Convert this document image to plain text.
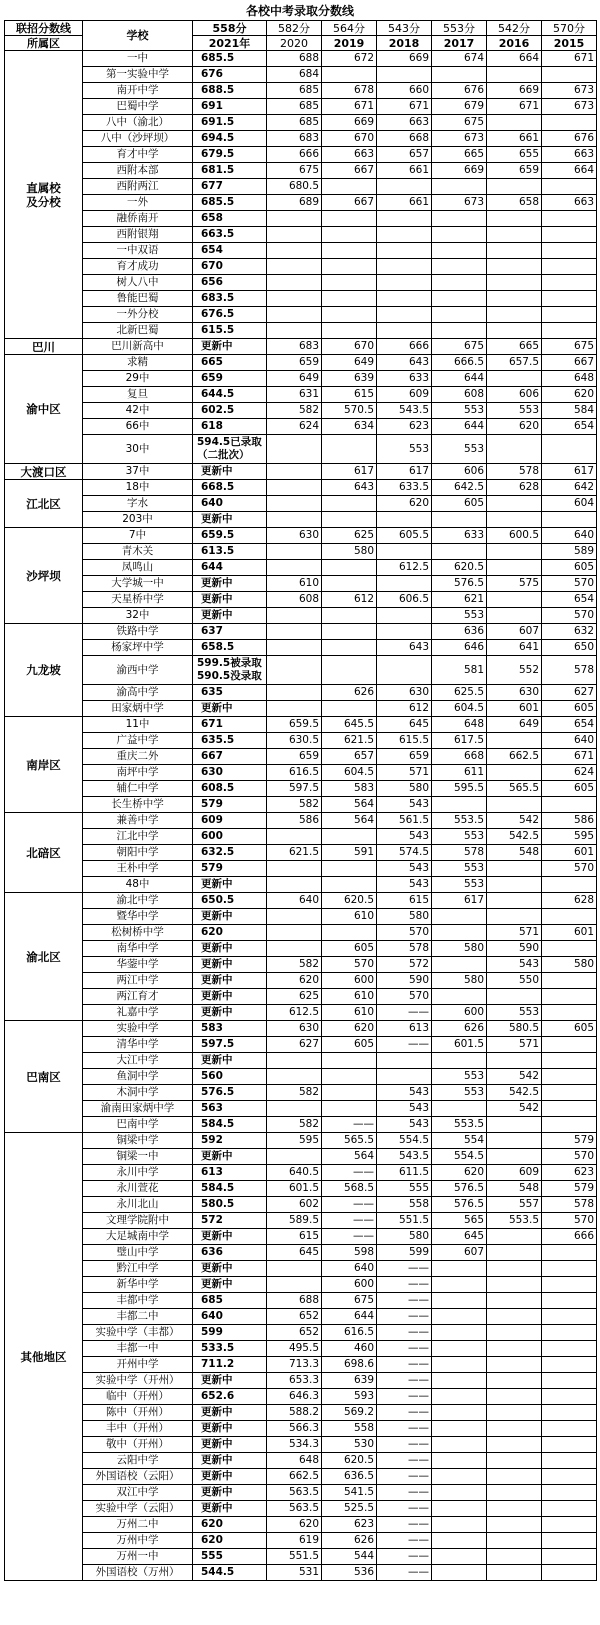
各校中考录取分数线
联招分数线	学校	558分	582分	564分	543分	553分	542分	570分
所属区		2021年	2020	2019	2018	2017	2016	2015
直属校
及分校	一中	685.5	688	672	669	674	664	671
	第一实验中学	676	684					
	南开中学	688.5	685	678	660	676	669	673
	巴蜀中学	691	685	671	671	679	671	673
	八中（渝北）	691.5	685	669	663	675		
	八中（沙坪坝）	694.5	683	670	668	673	661	676
	育才中学	679.5	666	663	657	665	655	663
	西附本部	681.5	675	667	661	669	659	664
	西附两江	677	680.5					
	一外	685.5	689	667	661	673	658	663
	融侨南开	658						
	西附银翔	663.5						
	一中双语	654						
	育才成功	670						
	树人八中	656						
	鲁能巴蜀	683.5						
	一外分校	676.5						
	北新巴蜀	615.5						
巴川	巴川新高中	更新中	683	670	666	675	665	675
渝中区	求精	665	659	649	643	666.5	657.5	667
	29中	659	649	639	633	644		648
	复旦	644.5	631	615	609	608	606	620
	42中	602.5	582	570.5	543.5	553	553	584
	66中	618	624	634	623	644	620	654
	30中	594.5已录取（二批次）			553	553		
大渡口区	37中	更新中		617	617	606	578	617
江北区	18中	668.5		643	633.5	642.5	628	642
	字水	640			620	605		604
	203中	更新中						
沙坪坝	7中	659.5	630	625	605.5	633	600.5	640
	青木关	613.5		580				589
	凤鸣山	644			612.5	620.5		605
	大学城一中	更新中	610			576.5	575	570
	天星桥中学	更新中	608	612	606.5	621		654
	32中	更新中				553		570
九龙坡	铁路中学	637				636	607	632
	杨家坪中学	658.5			643	646	641	650
	渝西中学	599.5被录取 590.5没录取				581	552	578
	渝高中学	635		626	630	625.5	630	627
	田家炳中学	更新中			612	604.5	601	605
南岸区	11中	671	659.5	645.5	645	648	649	654
	广益中学	635.5	630.5	621.5	615.5	617.5		640
	重庆二外	667	659	657	659	668	662.5	671
	南坪中学	630	616.5	604.5	571	611		624
	辅仁中学	608.5	597.5	583	580	595.5	565.5	605
	长生桥中学	579	582	564	543			
北碚区	兼善中学	609	586	564	561.5	553.5	542	586
	江北中学	600			543	553	542.5	595
	朝阳中学	632.5	621.5	591	574.5	578	548	601
	王朴中学	579			543	553		570
	48中	更新中			543	553		
渝北区	渝北中学	650.5	640	620.5	615	617		628
	暨华中学	更新中		610	580			
	松树桥中学	620			570		571	601
	南华中学	更新中		605	578	580	590	
	华蓥中学	更新中	582	570	572		543	580
	两江中学	更新中	620	600	590	580	550	
	两江育才	更新中	625	610	570			
	礼嘉中学	更新中	612.5	610	——	600	553	
巴南区	实验中学	583	630	620	613	626	580.5	605
	清华中学	597.5	627	605	——	601.5	571	
	大江中学	更新中						
	鱼洞中学	560				553	542	
	木洞中学	576.5	582		543	553	542.5	
	渝南田家炳中学	563			543		542	
	巴南中学	584.5	582	——	543	553.5		
其他地区	铜梁中学	592	595	565.5	554.5	554		579
	铜梁一中	更新中		564	543.5	554.5		570
	永川中学	613	640.5	——	611.5	620	609	623
	永川萱花	584.5	601.5	568.5	555	576.5	548	579
	永川北山	580.5	602	——	558	576.5	557	578
	文理学院附中	572	589.5	——	551.5	565	553.5	570
	大足城南中学	更新中	615	——	580	645		666
	璧山中学	636	645	598	599	607		
	黔江中学	更新中		640	——			
	新华中学	更新中		600	——			
	丰都中学	685	688	675	——			
	丰都二中	640	652	644	——			
	实验中学（丰都）	599	652	616.5	——			
	丰都一中	533.5	495.5	460	——			
	开州中学	711.2	713.3	698.6	——			
	实验中学（开州）	更新中	653.3	639	——			
	临中（开州）	652.6	646.3	593	——			
	陈中（开州）	更新中	588.2	569.2	——			
	丰中（开州）	更新中	566.3	558	——			
	敬中（开州）	更新中	534.3	530	——			
	云阳中学	更新中	648	620.5	——			
	外国语校（云阳）	更新中	662.5	636.5	——			
	双江中学	更新中	563.5	541.5	——			
	实验中学（云阳）	更新中	563.5	525.5	——			
	万州二中	620	620	623	——			
	万州中学	620	619	626	——			
	万州一中	555	551.5	544	——			
	外国语校（万州）	544.5	531	536	——			
